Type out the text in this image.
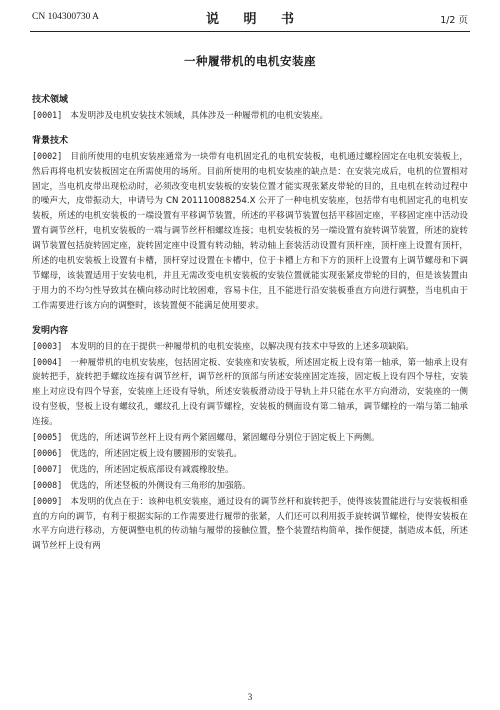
CN 104300730 A	说 明 书	1/2 页
一种履带机的电机安装座

技术领域

[0001] 本发明涉及电机安装技术领域，具体涉及一种履带机的电机安装座。

背景技术

[0002] 目前所使用的电机安装座通常为一块带有电机固定孔的电机安装板，电机通过螺栓固定在电机安装板上，然后再将电机安装板固定在所需使用的场所。目前所使用的电机安装座的缺点是：在安装完成后，电机的位置相对固定，当电机皮带出现松动时，必须改变电机安装板的安装位置才能实现张紧皮带轮的目的，且电机在转动过程中的噪声大，皮带振动大，申请号为 CN 201110088254.X 公开了一种电机安装座，包括带有电机固定孔的电机安装板，所述的电机安装板的一端设置有平移调节装置，所述的平移调节装置包括平移固定座，平移固定座中活动设置有调节丝杆，电机安装板的一端与调节丝杆相螺纹连接；电机安装板的另一端设置有旋转调节装置，所述的旋转调节装置包括旋转固定座，旋转固定座中设置有转动轴，转动轴上套装活动设置有顶杆座，顶杆座上设置有顶杆，所述的电机安装板上设置有卡槽，顶杆穿过设置在卡槽中，位于卡槽上方和下方的顶杆上设置有上调节螺母和下调节螺母，该装置适用于安装电机，并且无需改变电机安装板的安装位置就能实现张紧皮带轮的目的，但是该装置由于用力的不均匀性导致其在横向移动时比较困难，容易卡住，且不能进行沿安装板垂直方向进行调整，当电机由于工作需要进行该方向的调整时，该装置便不能满足使用要求。

发明内容

[0003] 本发明的目的在于提供一种履带机的电机安装座，以解决现有技术中导致的上述多项缺陷。

[0004] 一种履带机的电机安装座，包括固定板、安装座和安装板，所述固定板上设有第一轴承，第一轴承上设有旋转把手，旋转把手螺纹连接有调节丝杆，调节丝杆的顶部与所述安装座固定连接，固定板上设有四个导柱，安装座上对应设有四个导套，安装座上还设有导轨，所述安装板滑动设于导轨上并只能在水平方向滑动，安装座的一侧设有竖板，竖板上设有螺纹孔，螺纹孔上设有调节螺栓，安装板的侧面设有第二轴承，调节螺栓的一端与第二轴承连接。

[0005] 优选的，所述调节丝杆上设有两个紧固螺母，紧固螺母分别位于固定板上下两侧。

[0006] 优选的，所述固定板上设有腰圆形的安装孔。

[0007] 优选的，所述固定板底部设有减震橡胶垫。

[0008] 优选的，所述竖板的外侧设有三角形的加强筋。

[0009] 本发明的优点在于：该种电机安装座，通过设有的调节丝杆和旋转把手，使得该装置能进行与安装板相垂直的方向的调节，有利于根据实际的工作需要进行履带的张紧，人们还可以利用扳手旋转调节螺栓，使得安装板在水平方向进行移动，方便调整电机的传动轴与履带的接触位置，整个装置结构简单，操作便捷，制造成本低，所述调节丝杆上设有两

3
